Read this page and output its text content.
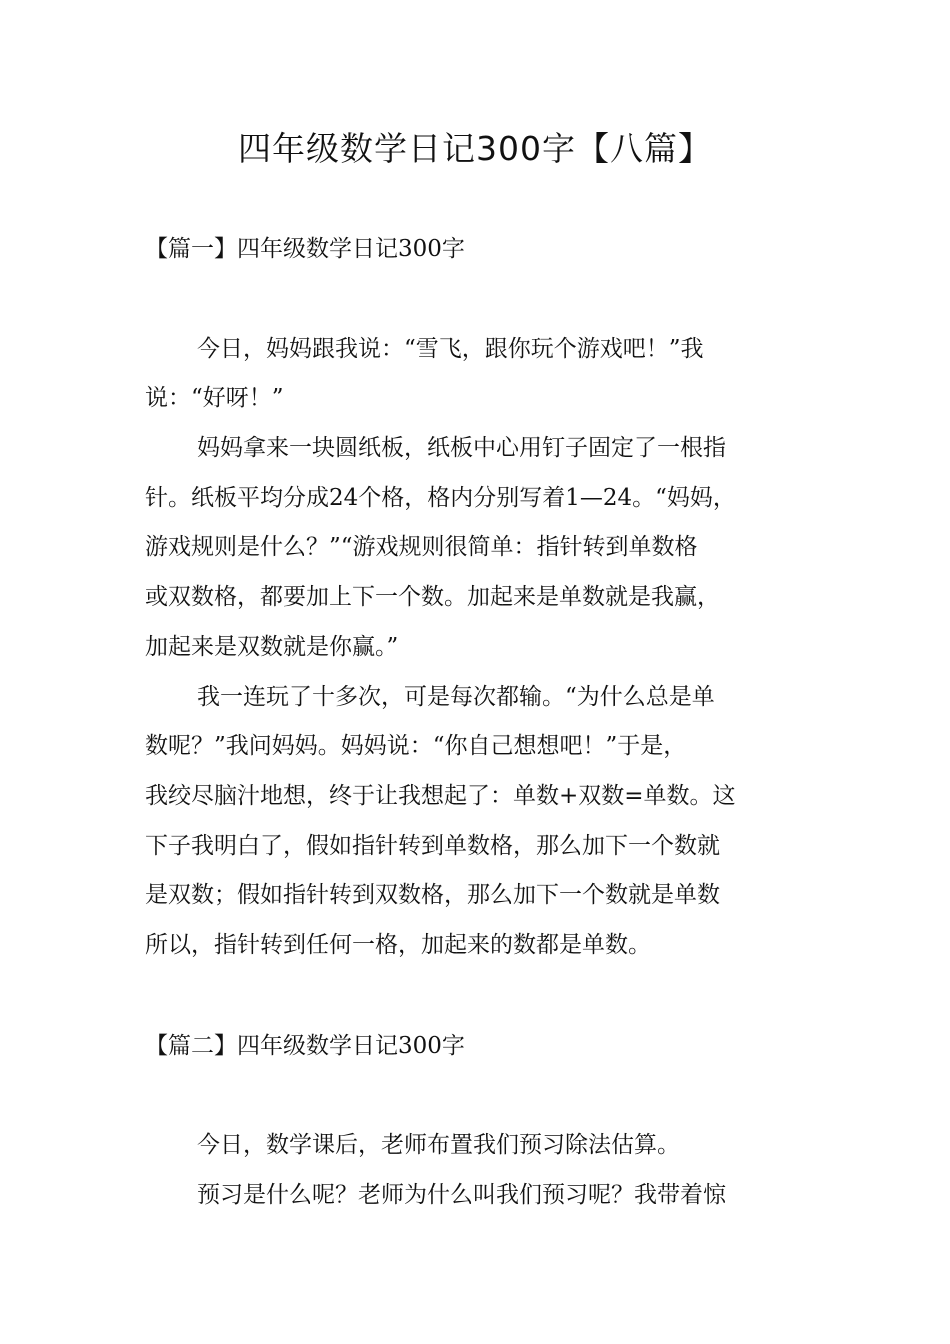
四年级数学日记300字【八篇】
【篇一】四年级数学日记300字
今日，妈妈跟我说：“雪飞，跟你玩个游戏吧！”我
说：“好呀！”
妈妈拿来一块圆纸板，纸板中心用钉子固定了一根指
针。纸板平均分成24个格，格内分别写着1—24。“妈妈，
游戏规则是什么？”“游戏规则很简单：指针转到单数格
或双数格，都要加上下一个数。加起来是单数就是我赢，
加起来是双数就是你赢。”
我一连玩了十多次，可是每次都输。“为什么总是单
数呢？”我问妈妈。妈妈说：“你自己想想吧！”于是，
我绞尽脑汁地想，终于让我想起了：单数+双数=单数。这
下子我明白了，假如指针转到单数格，那么加下一个数就
是双数；假如指针转到双数格，那么加下一个数就是单数
所以，指针转到任何一格，加起来的数都是单数。
【篇二】四年级数学日记300字
今日，数学课后，老师布置我们预习除法估算。
预习是什么呢？老师为什么叫我们预习呢？我带着惊
